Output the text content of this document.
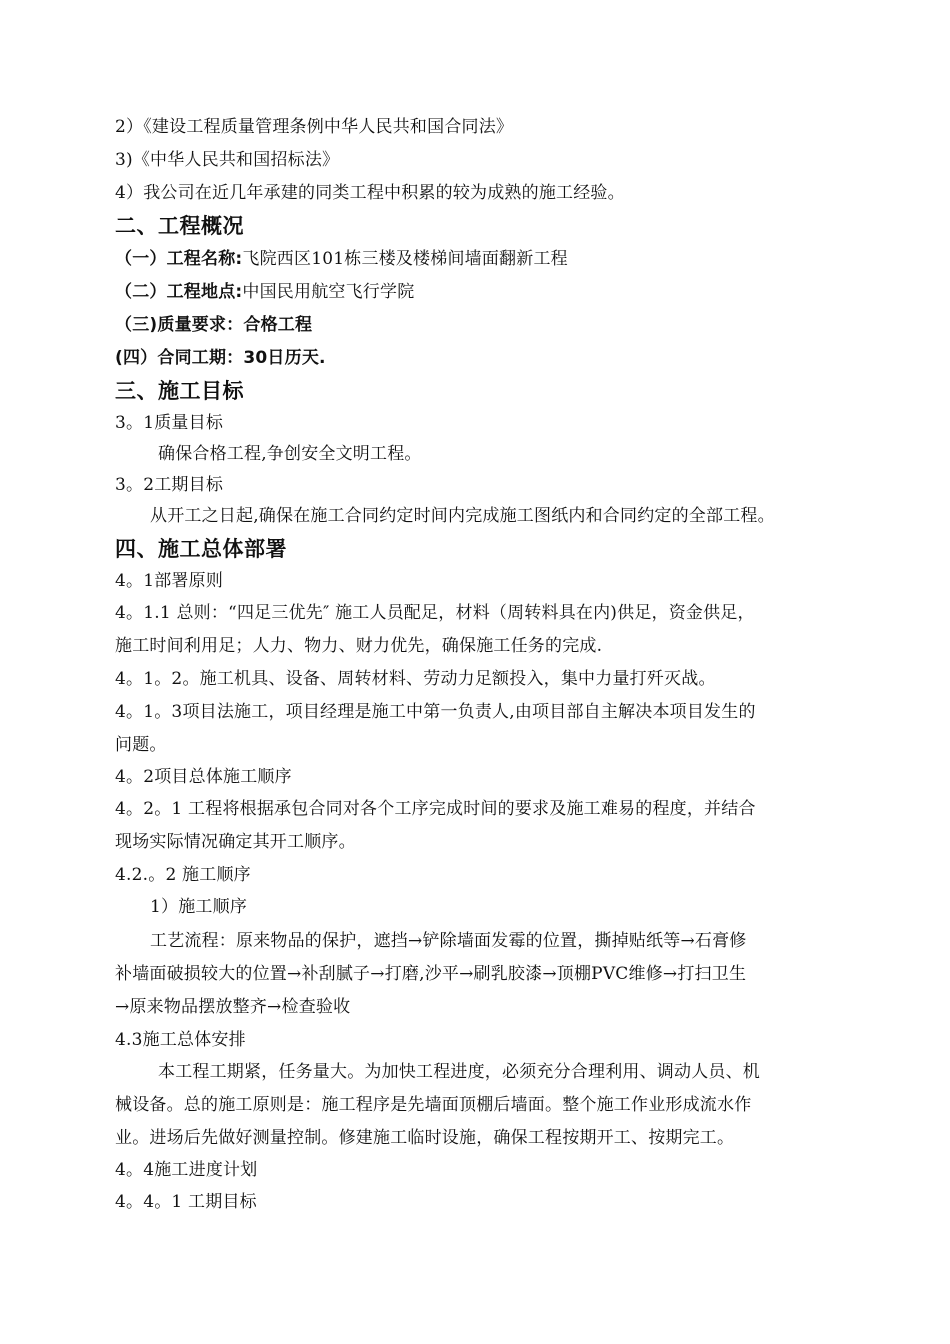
2）《建设工程质量管理条例中华人民共和国合同法》
3)《中华人民共和国招标法》
4）我公司在近几年承建的同类工程中积累的较为成熟的施工经验。
二、工程概况
（一）工程名称:飞院西区101栋三楼及楼梯间墙面翻新工程
（二）工程地点:中国民用航空飞行学院
（三)质量要求：合格工程
(四）合同工期：30日历天.
三、施工目标
3。1质量目标
确保合格工程,争创安全文明工程。
3。2工期目标
从开工之日起,确保在施工合同约定时间内完成施工图纸内和合同约定的全部工程。
四、施工总体部署
4。1部署原则
4。1.1 总则：“四足三优先″ 施工人员配足，材料（周转料具在内)供足，资金供足，
施工时间利用足；人力、物力、财力优先，确保施工任务的完成.
4。1。2。施工机具、设备、周转材料、劳动力足额投入，集中力量打歼灭战。
4。1。3项目法施工，项目经理是施工中第一负责人,由项目部自主解决本项目发生的
问题。
4。2项目总体施工顺序
4。2。1 工程将根据承包合同对各个工序完成时间的要求及施工难易的程度，并结合
现场实际情况确定其开工顺序。
4.2.。2 施工顺序
1）施工顺序
工艺流程：原来物品的保护，遮挡→铲除墙面发霉的位置，撕掉贴纸等→石膏修
补墙面破损较大的位置→补刮腻子→打磨,沙平→刷乳胶漆→顶棚PVC维修→打扫卫生
→原来物品摆放整齐→检查验收
4.3施工总体安排
本工程工期紧，任务量大。为加快工程进度，必须充分合理利用、调动人员、机
械设备。总的施工原则是：施工程序是先墙面顶棚后墙面。整个施工作业形成流水作
业。进场后先做好测量控制。修建施工临时设施，确保工程按期开工、按期完工。
4。4施工进度计划
4。4。1 工期目标
